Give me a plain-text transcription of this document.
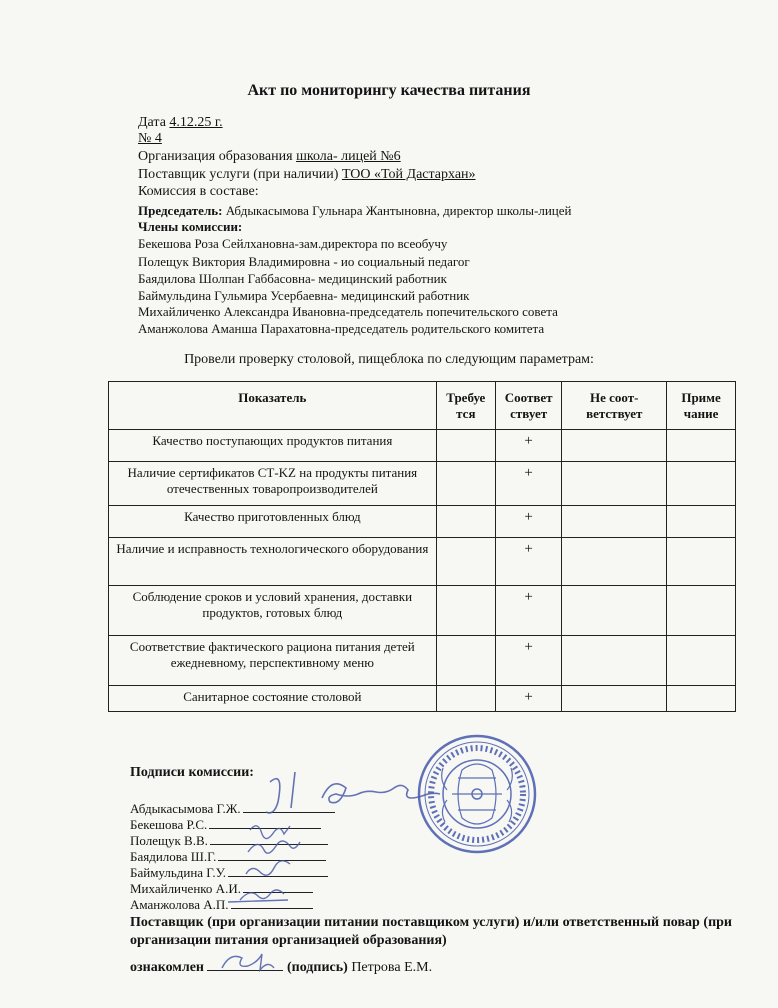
Акт по мониторингу качества питания
Дата 4.12.25 г.
№ 4
Организация образования школа- лицей №6
Поставщик услуги (при наличии) ТОО «Той Дастархан»
Комиссия в составе:
Председатель: Абдыкасымова Гульнара Жантыновна, директор школы-лицей
Члены комиссии:
Бекешова Роза Сейлхановна-зам.директора по всеобучу
Полещук Виктория Владимировна - ио социальный педагог
Баядилова Шолпан Габбасовна- медицинский работник
Баймульдина Гульмира Усербаевна- медицинский работник
Михайличенко Александра Ивановна-председатель попечительского совета
Аманжолова Аманша Парахатовна-председатель родительского комитета
Провели проверку столовой, пищеблока по следующим параметрам:
Показатель	Требуе тся	Соответ ствует	Не соот- ветствует	Приме чание
Качество поступающих продуктов питания		+		
Наличие сертификатов СТ-KZ на продукты питания отечественных товаропроизводителей		+		
Качество приготовленных блюд		+		
Наличие и исправность технологического оборудования		+		
Соблюдение сроков и условий хранения, доставки продуктов, готовых блюд		+		
Соответствие фактического рациона питания детей ежедневному, перспективному меню		+		
Санитарное состояние столовой		+		
Подписи комиссии:
Абдыкасымова Г.Ж.
Бекешова Р.С.
Полещук В.В.
Баядилова Ш.Г.
Баймульдина Г.У.
Михайличенко А.И.
Аманжолова А.П.
Поставщик (при организации питании поставщиком услуги) и/или ответственный повар (при организации питания организацией образования)
ознакомлен	(подпись) Петрова Е.М.
